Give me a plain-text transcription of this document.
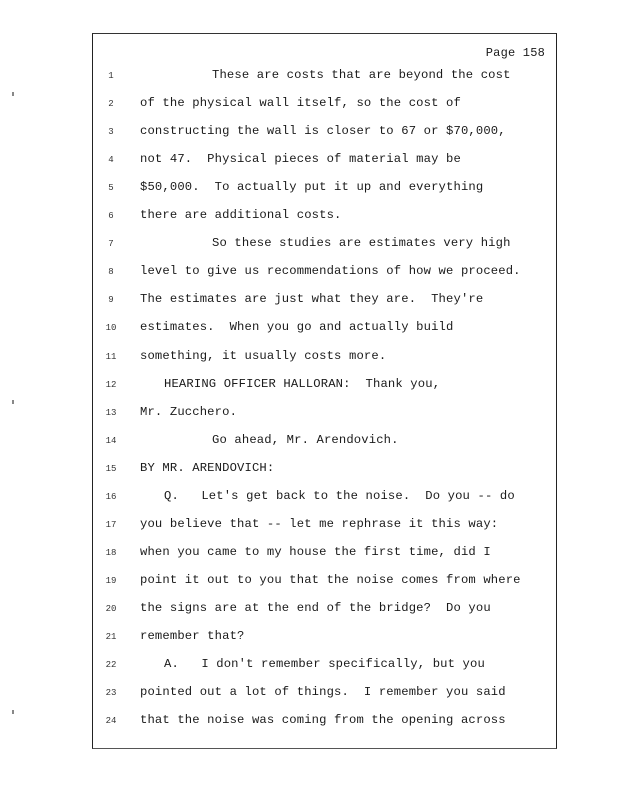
Page 158
1	These are costs that are beyond the cost
2	of the physical wall itself, so the cost of
3	constructing the wall is closer to 67 or $70,000,
4	not 47.  Physical pieces of material may be
5	$50,000.  To actually put it up and everything
6	there are additional costs.
7	So these studies are estimates very high
8	level to give us recommendations of how we proceed.
9	The estimates are just what they are.  They're
10	estimates.  When you go and actually build
11	something, it usually costs more.
12	HEARING OFFICER HALLORAN:  Thank you,
13	Mr. Zucchero.
14	Go ahead, Mr. Arendovich.
15	BY MR. ARENDOVICH:
16	Q.   Let's get back to the noise.  Do you -- do
17	you believe that -- let me rephrase it this way:
18	when you came to my house the first time, did I
19	point it out to you that the noise comes from where
20	the signs are at the end of the bridge?  Do you
21	remember that?
22	A.   I don't remember specifically, but you
23	pointed out a lot of things.  I remember you said
24	that the noise was coming from the opening across
